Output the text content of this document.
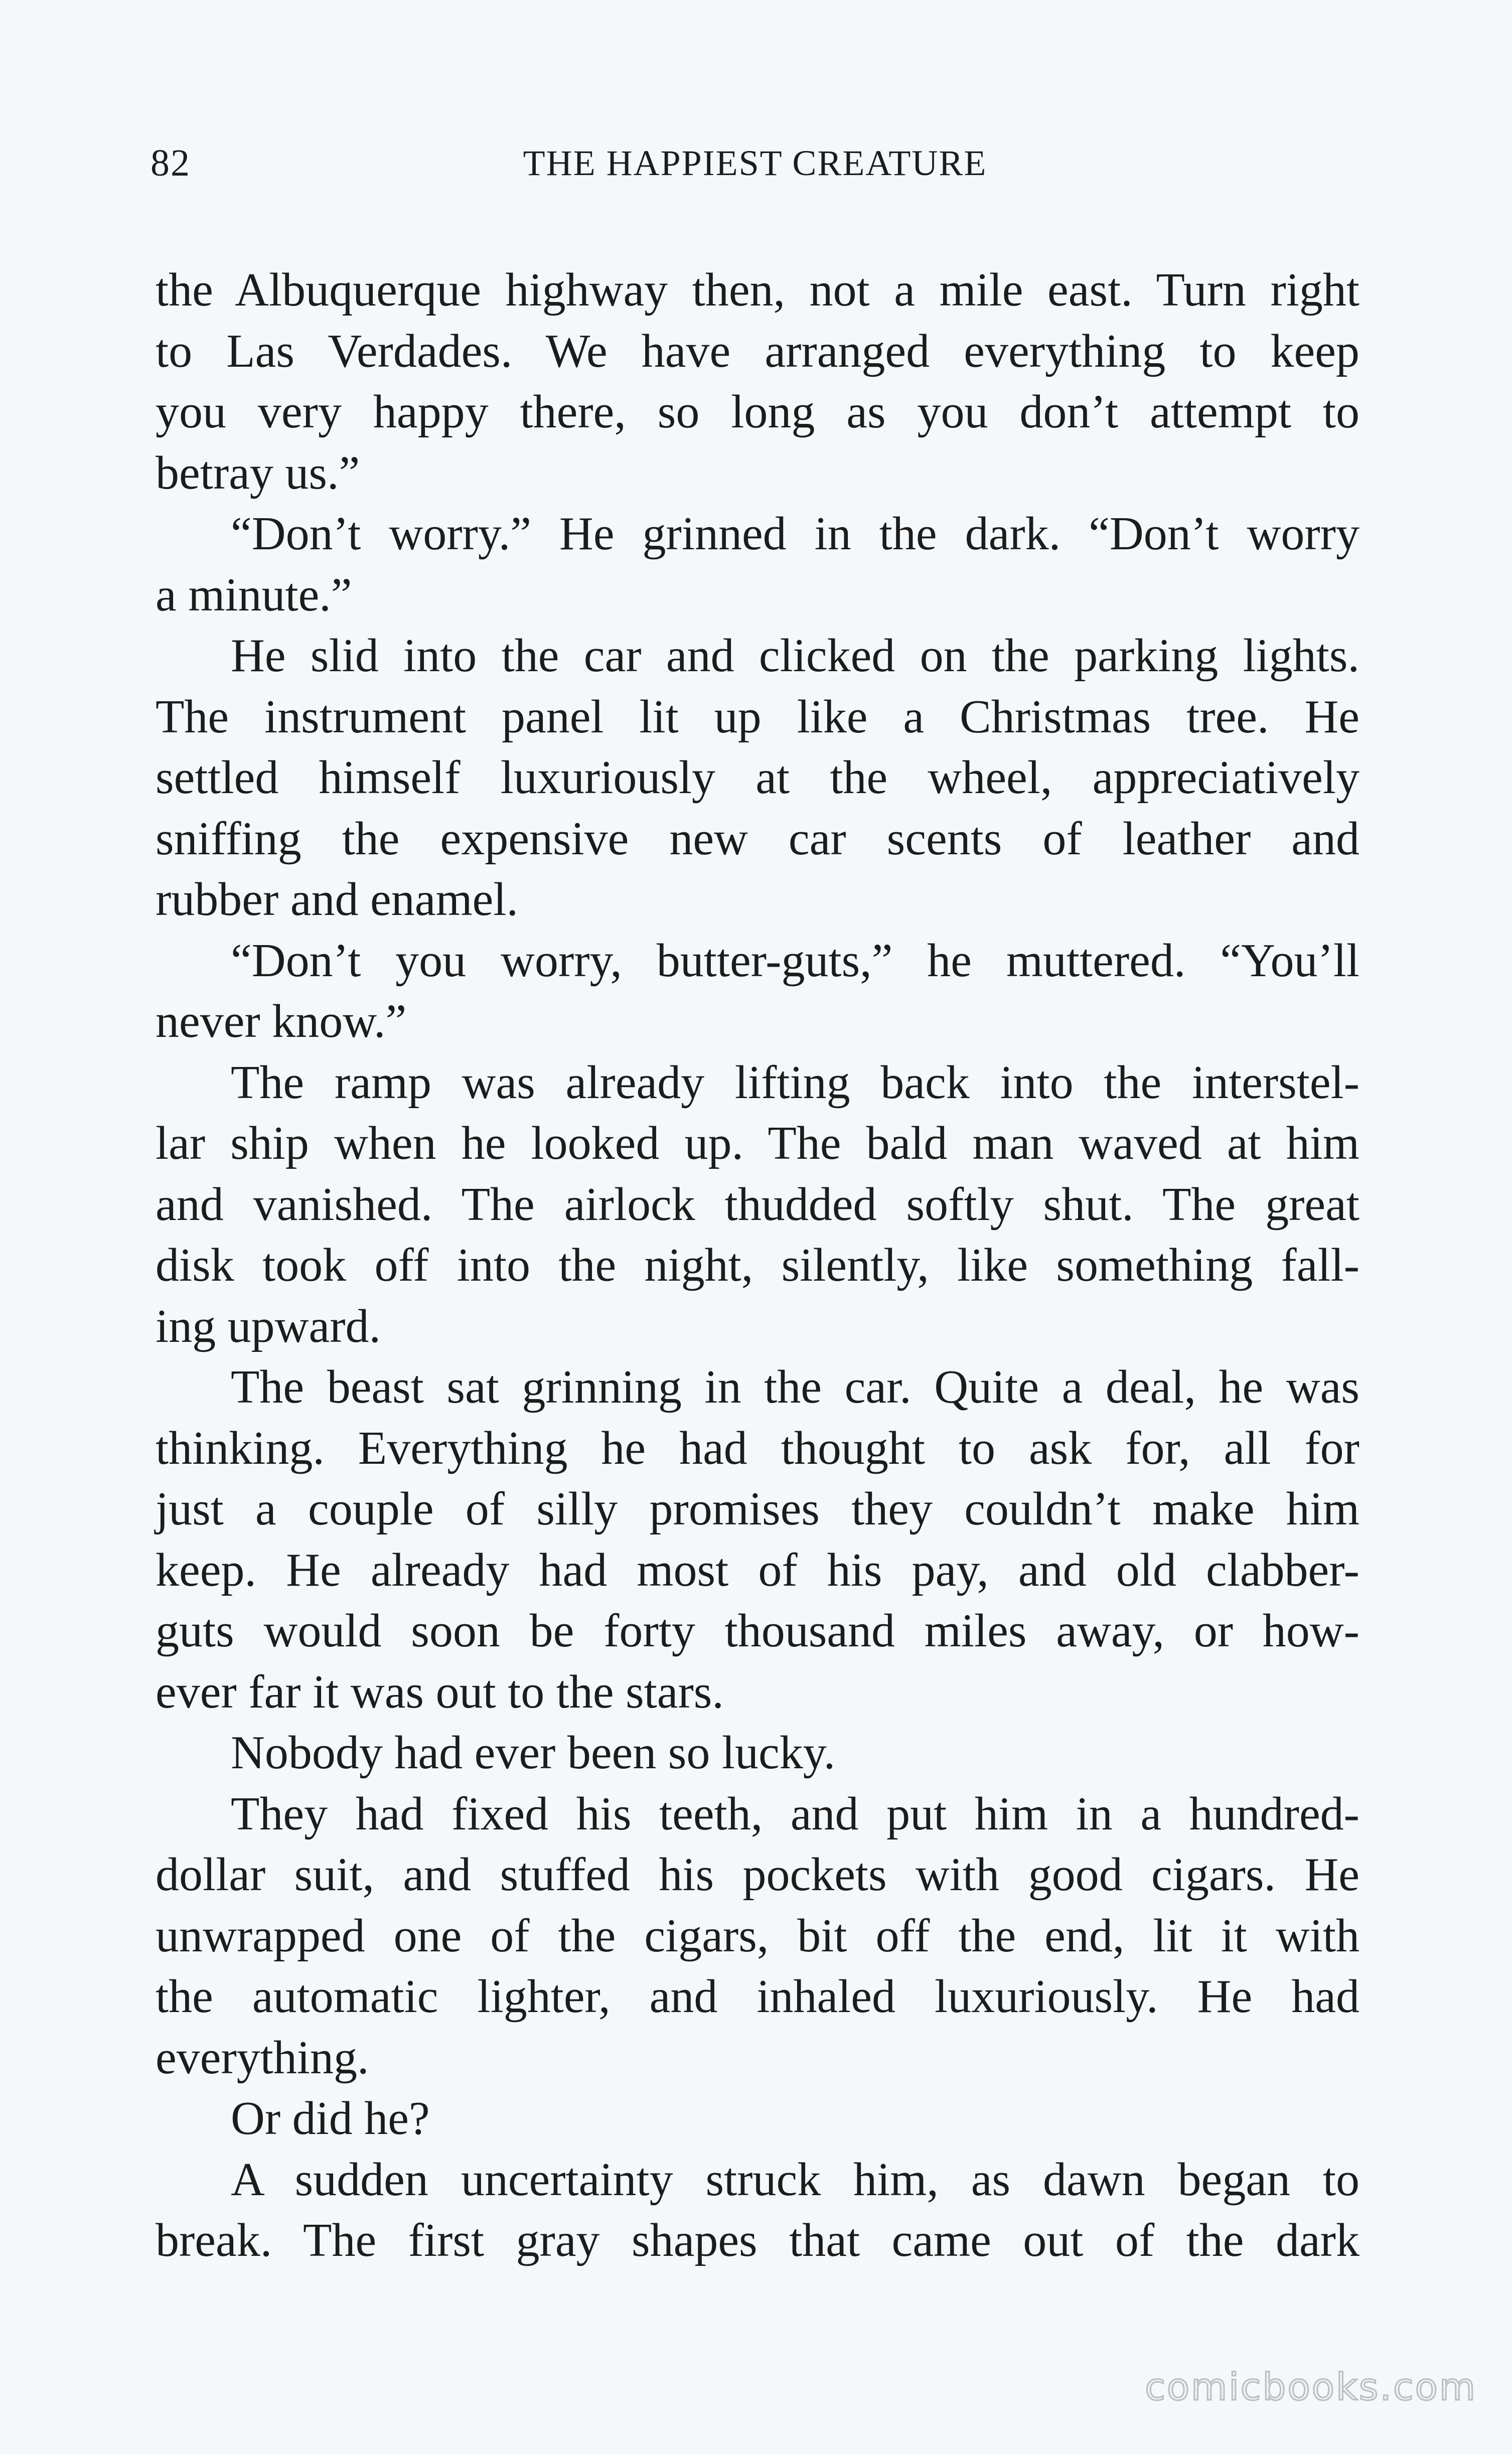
82	THE HAPPIEST CREATURE
the Albuquerque highway then, not a mile east. Turn right
to Las Verdades. We have arranged everything to keep
you very happy there, so long as you don’t attempt to
betray us.”
“Don’t worry.” He grinned in the dark. “Don’t worry
a minute.”
He slid into the car and clicked on the parking lights.
The instrument panel lit up like a Christmas tree. He
settled himself luxuriously at the wheel, appreciatively
sniffing the expensive new car scents of leather and
rubber and enamel.
“Don’t you worry, butter-guts,” he muttered. “You’ll
never know.”
The ramp was already lifting back into the interstel-
lar ship when he looked up. The bald man waved at him
and vanished. The airlock thudded softly shut. The great
disk took off into the night, silently, like something fall-
ing upward.
The beast sat grinning in the car. Quite a deal, he was
thinking. Everything he had thought to ask for, all for
just a couple of silly promises they couldn’t make him
keep. He already had most of his pay, and old clabber-
guts would soon be forty thousand miles away, or how-
ever far it was out to the stars.
Nobody had ever been so lucky.
They had fixed his teeth, and put him in a hundred-
dollar suit, and stuffed his pockets with good cigars. He
unwrapped one of the cigars, bit off the end, lit it with
the automatic lighter, and inhaled luxuriously. He had
everything.
Or did he?
A sudden uncertainty struck him, as dawn began to
break. The first gray shapes that came out of the dark
comicbooks.com
